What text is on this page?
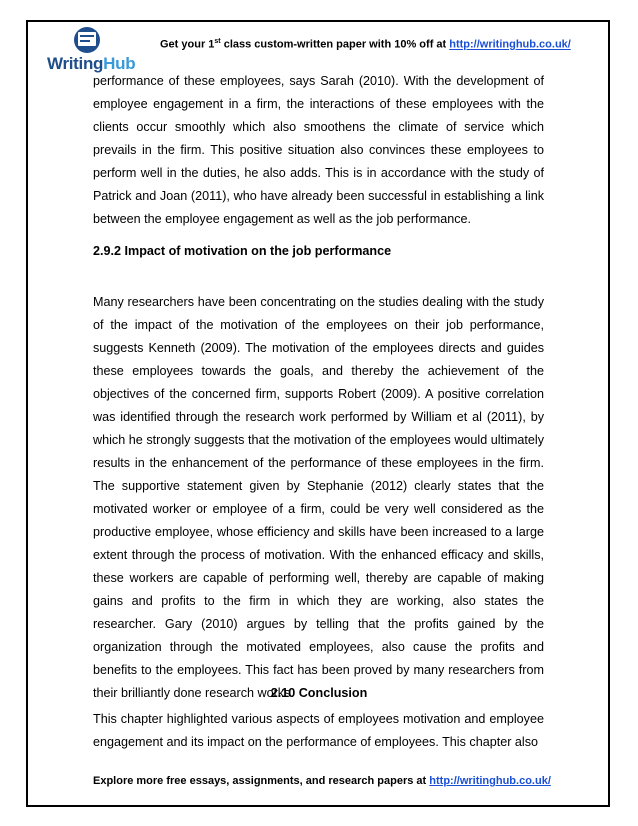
WritingHub
Get your 1st class custom-written paper with 10% off at http://writinghub.co.uk/

performance of these employees, says Sarah (2010). With the development of employee engagement in a firm, the interactions of these employees with the clients occur smoothly which also smoothens the climate of service which prevails in the firm. This positive situation also convinces these employees to perform well in the duties, he also adds. This is in accordance with the study of Patrick and Joan (2011), who have already been successful in establishing a link between the employee engagement as well as the job performance.

2.9.2 Impact of motivation on the job performance

Many researchers have been concentrating on the studies dealing with the study of the impact of the motivation of the employees on their job performance, suggests Kenneth (2009). The motivation of the employees directs and guides these employees towards the goals, and thereby the achievement of the objectives of the concerned firm, supports Robert (2009). A positive correlation was identified through the research work performed by William et al (2011), by which he strongly suggests that the motivation of the employees would ultimately results in the enhancement of the performance of these employees in the firm. The supportive statement given by Stephanie (2012) clearly states that the motivated worker or employee of a firm, could be very well considered as the productive employee, whose efficiency and skills have been increased to a large extent through the process of motivation. With the enhanced efficacy and skills, these workers are capable of performing well, thereby are capable of making gains and profits to the firm in which they are working, also states the researcher. Gary (2010) argues by telling that the profits gained by the organization through the motivated employees, also cause the profits and benefits to the employees. This fact has been proved by many researchers from their brilliantly done research works.

2.10 Conclusion

This chapter highlighted various aspects of employees motivation and employee engagement and its impact on the performance of employees. This chapter also

Explore more free essays, assignments, and research papers at http://writinghub.co.uk/
